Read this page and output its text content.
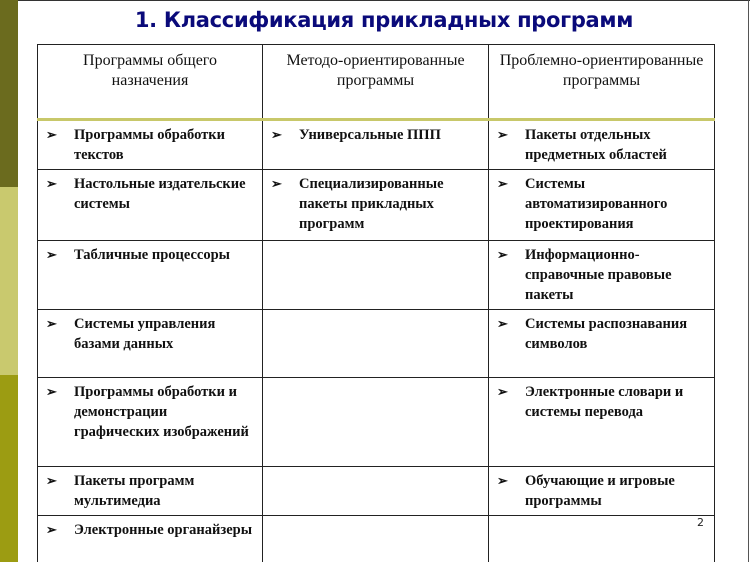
1. Классификация прикладных программ
Программы общего назначения	Методо-ориентированные программы	Проблемно-ориентированные программы

➢ Программы обработки текстов	➢ Универсальные ППП	➢ Пакеты отдельных предметных областей

➢ Настольные издательские системы	➢ Специализированные пакеты прикладных программ	➢ Системы автоматизированного проектирования

➢ Табличные процессоры		➢ Информационно-справочные правовые пакеты

➢ Системы управления базами данных		➢ Системы распознавания символов

➢ Программы обработки и демонстрации графических изображений		➢ Электронные словари и системы перевода

➢ Пакеты программ мультимедиа		➢ Обучающие и игровые программы

➢ Электронные органайзеры		
			2
